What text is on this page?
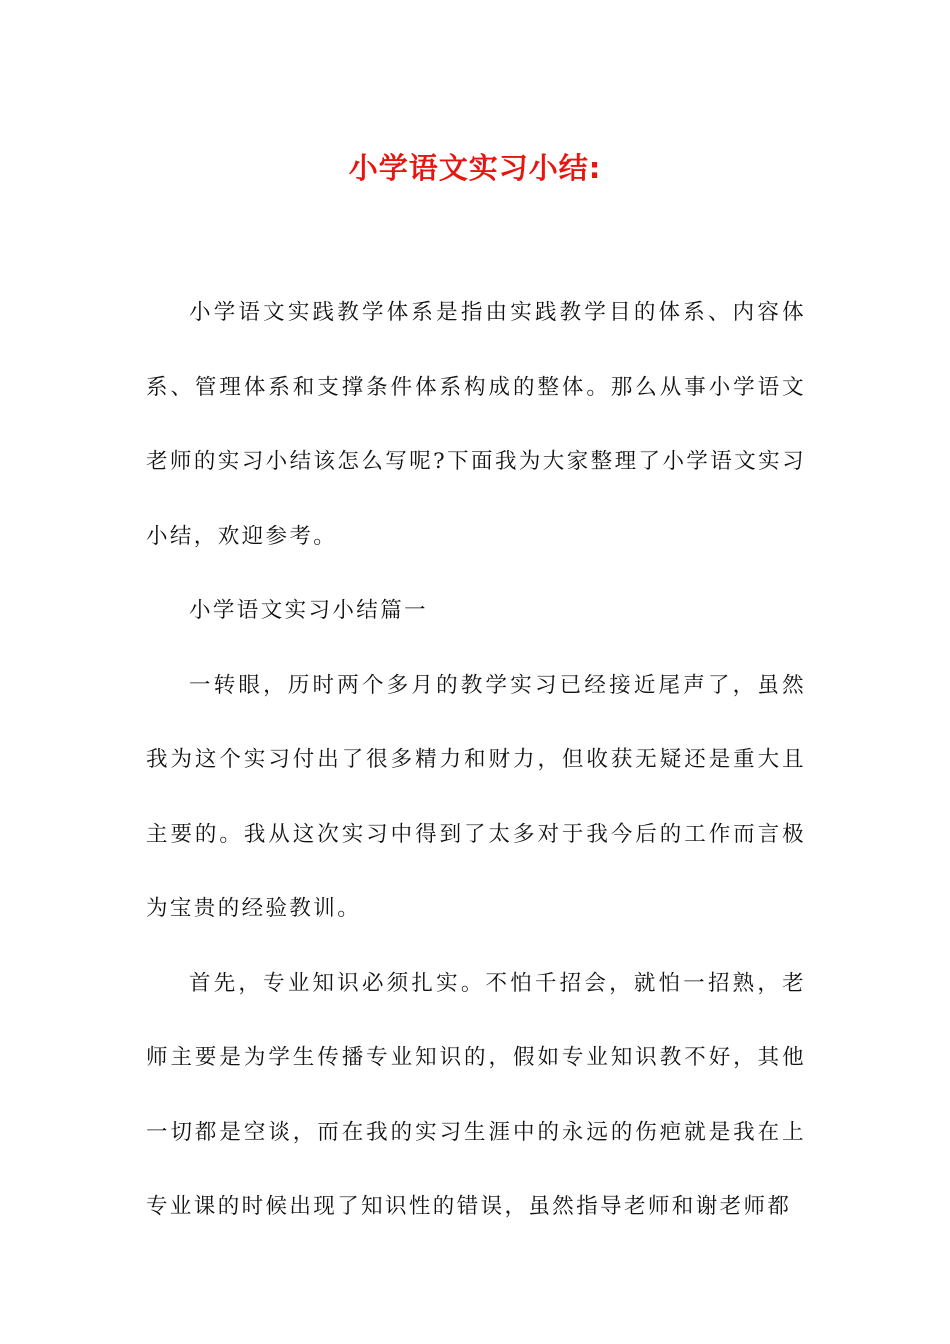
小学语文实习小结:

小学语文实践教学体系是指由实践教学目的体系、内容体系、管理体系和支撑条件体系构成的整体。那么从事小学语文老师的实习小结该怎么写呢?下面我为大家整理了小学语文实习小结，欢迎参考。

小学语文实习小结篇一

一转眼，历时两个多月的教学实习已经接近尾声了，虽然我为这个实习付出了很多精力和财力，但收获无疑还是重大且主要的。我从这次实习中得到了太多对于我今后的工作而言极为宝贵的经验教训。

首先，专业知识必须扎实。不怕千招会，就怕一招熟，老师主要是为学生传播专业知识的，假如专业知识教不好，其他一切都是空谈，而在我的实习生涯中的永远的伤疤就是我在上专业课的时候出现了知识性的错误，虽然指导老师和谢老师都
